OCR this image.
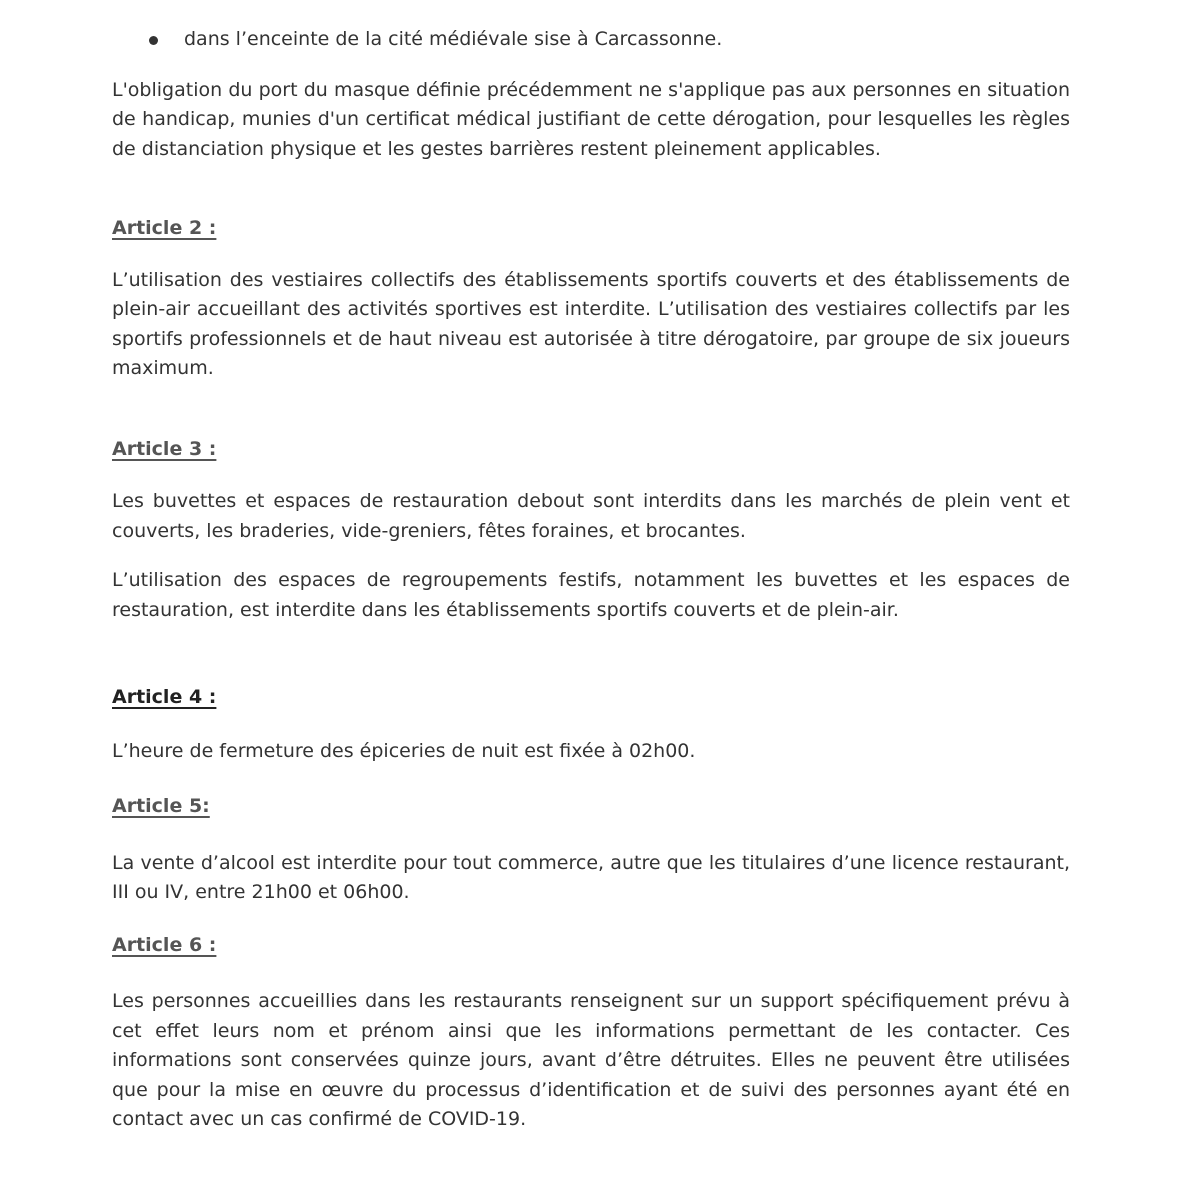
dans l’enceinte de la cité médiévale sise à Carcassonne.

L'obligation du port du masque définie précédemment ne s'applique pas aux personnes en situation de handicap, munies d'un certificat médical justifiant de cette dérogation, pour lesquelles les règles de distanciation physique et les gestes barrières restent pleinement applicables.

Article 2 :

L’utilisation des vestiaires collectifs des établissements sportifs couverts et des établissements de plein-air accueillant des activités sportives est interdite. L’utilisation des vestiaires collectifs par les sportifs professionnels et de haut niveau est autorisée à titre dérogatoire, par groupe de six joueurs maximum.

Article 3 :

Les buvettes et espaces de restauration debout sont interdits dans les marchés de plein vent et couverts, les braderies, vide-greniers, fêtes foraines, et brocantes.

L’utilisation des espaces de regroupements festifs, notamment les buvettes et les espaces de restauration, est interdite dans les établissements sportifs couverts et de plein-air.

Article 4 :

L’heure de fermeture des épiceries de nuit est fixée à 02h00.

Article 5:

La vente d’alcool est interdite pour tout commerce, autre que les titulaires d’une licence restaurant, III ou IV, entre 21h00 et 06h00.

Article 6 :

Les personnes accueillies dans les restaurants renseignent sur un support spécifiquement prévu à cet effet leurs nom et prénom ainsi que les informations permettant de les contacter. Ces informations sont conservées quinze jours, avant d’être détruites. Elles ne peuvent être utilisées que pour la mise en œuvre du processus d’identification et de suivi des personnes ayant été en contact avec un cas confirmé de COVID-19.
